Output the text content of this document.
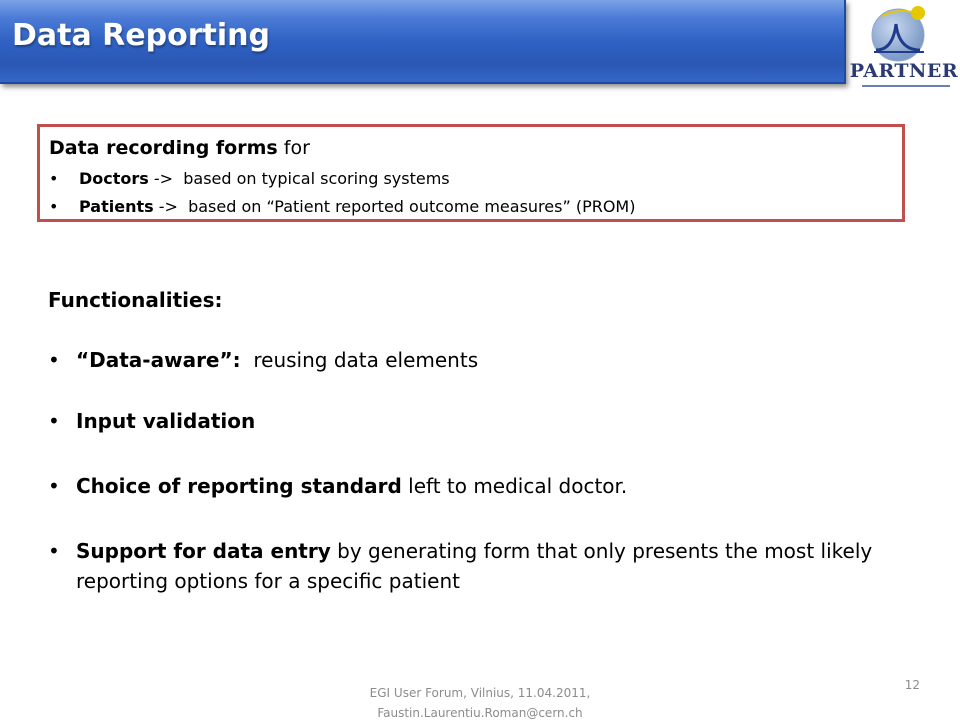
Data Reporting
PARTNER
Data recording forms for
• Doctors ->  based on typical scoring systems
• Patients ->  based on “Patient reported outcome measures” (PROM)
Functionalities:
• “Data-aware”:  reusing data elements
• Input validation
• Choice of reporting standard left to medical doctor.
• Support for data entry by generating form that only presents the most likely reporting options for a specific patient
EGI User Forum, Vilnius, 11.04.2011,
Faustin.Laurentiu.Roman@cern.ch
12
